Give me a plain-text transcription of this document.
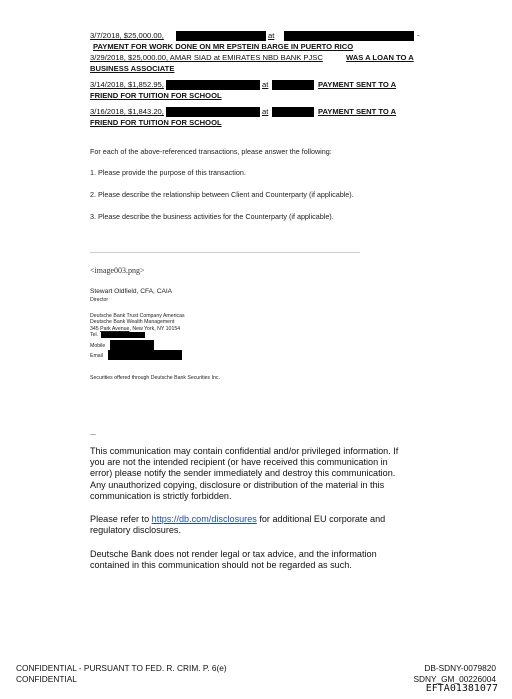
3/7/2018, $25,000.00,	at	-
PAYMENT FOR WORK DONE ON MR EPSTEIN BARGE IN PUERTO RICO
3/29/2018, $25,000.00, AMAR SIAD at EMIRATES NBD BANK PJSC	WAS A LOAN TO A
BUSINESS ASSOCIATE
3/14/2018, $1,852.95,	at	PAYMENT SENT TO A
FRIEND FOR TUITION FOR SCHOOL
3/16/2018, $1,843.20,	at	PAYMENT SENT TO A
FRIEND FOR TUITION FOR SCHOOL
For each of the above-referenced transactions, please answer the following:
1. Please provide the purpose of this transaction.
2. Please describe the relationship between Client and Counterparty (if applicable).
3. Please describe the business activities for the Counterparty (if applicable).
<image003.png>
Stewart Oldfield, CFA, CAIA
Director
Deutsche Bank Trust Company Americas
Deutsche Bank Wealth Management
345 Park Avenue, New York, NY 10154
Tel.
Mobile
Email
Securities offered through Deutsche Bank Securities Inc.
---
This communication may contain confidential and/or privileged information. If you are not the intended recipient (or have received this communication in error) please notify the sender immediately and destroy this communication. Any unauthorized copying, disclosure or distribution of the material in this communication is strictly forbidden.
Please refer to https://db.com/disclosures for additional EU corporate and regulatory disclosures.
Deutsche Bank does not render legal or tax advice, and the information contained in this communication should not be regarded as such.
CONFIDENTIAL - PURSUANT TO FED. R. CRIM. P. 6(e)
CONFIDENTIAL
DB-SDNY-0079820
SDNY_GM_00226004
EFTA01381077
